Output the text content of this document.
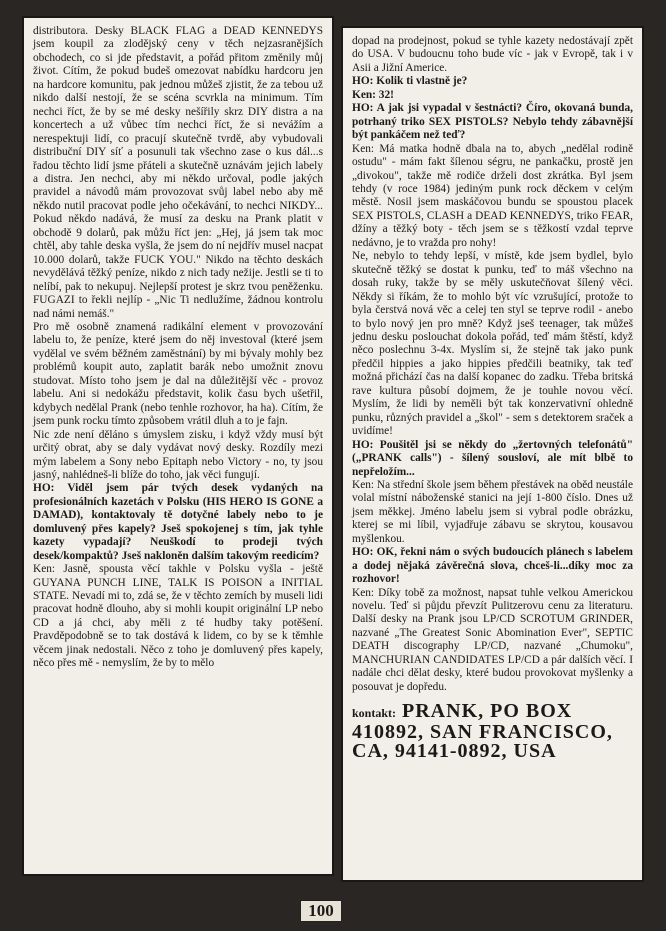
distributora. Desky BLACK FLAG a DEAD KENNEDYS jsem koupil za zlodějský ceny v těch nejzasranějších obchodech, co si jde představit, a pořád přitom změnily můj život. Cítím, že pokud budeš omezovat nabídku hardcoru jen na hardcore komunitu, pak jednou můžeš zjistit, že za tebou už nikdo další nestojí, že se scéna scvrkla na minimum. Tím nechci říct, že by se mé desky nešířily skrz DIY distra a na koncertech a už vůbec tím nechci říct, že si nevážím a nerespektuji lidí, co pracují skutečně tvrdě, aby vybudovali distribuční DIY síť a posunuli tak všechno zase o kus dál...s řadou těchto lidí jsme přáteli a skutečně uznávám jejich labely a distra. Jen nechci, aby mi někdo určoval, podle jakých pravidel a návodů mám provozovat svůj label nebo aby mě někdo nutil pracovat podle jeho očekávání, to nechci NIKDY... Pokud někdo nadává, že musí za desku na Prank platit v obchodě 9 dolarů, pak můžu říct jen: „Hej, já jsem tak moc chtěl, aby tahle deska vyšla, že jsem do ní nejdřív musel nacpat 10.000 dolarů, takže FUCK YOU." Nikdo na těchto deskách nevydělává těžký peníze, nikdo z nich tady nežije. Jestli se ti to nelíbí, pak to nekupuj. Nejlepší protest je skrz tvou peněženku. FUGAZI to řekli nejlíp - „Nic Ti nedlužíme, žádnou kontrolu nad námi nemáš."

Pro mě osobně znamená radikální element v provozování labelu to, že peníze, které jsem do něj investoval (které jsem vydělal ve svém běžném zaměstnání) by mi bývaly mohly bez problémů koupit auto, zaplatit barák nebo umožnit znovu studovat. Místo toho jsem je dal na důležitější věc - provoz labelu. Ani si nedokážu představit, kolik času bych ušetřil, kdybych nedělal Prank (nebo tenhle rozhovor, ha ha). Cítím, že jsem punk rocku tímto způsobem vrátil dluh a to je fajn.

Nic zde není děláno s úmyslem zisku, i když vždy musí být určitý obrat, aby se daly vydávat nový desky. Rozdíly mezi mým labelem a Sony nebo Epitaph nebo Victory - no, ty jsou jasný, nahlédneš-li blíže do toho, jak věci fungují.

HO: Viděl jsem pár tvých desek vydaných na profesionálních kazetách v Polsku (HIS HERO IS GONE a DAMAD), kontaktovaly tě dotyčné labely nebo to je domluvený přes kapely? Jseš spokojenej s tím, jak tyhle kazety vypadají? Neuškodí to prodeji tvých desek/kompaktů? Jseš nakloněn dalším takovým reedicím?

Ken: Jasně, spousta věcí takhle v Polsku vyšla - ještě GUYANA PUNCH LINE, TALK IS POISON a INITIAL STATE. Nevadí mi to, zdá se, že v těchto zemích by museli lidi pracovat hodně dlouho, aby si mohli koupit originální LP nebo CD a já chci, aby měli z té hudby taky potěšení. Pravděpodobně se to tak dostává k lidem, co by se k těmhle věcem jinak nedostali. Něco z toho je domluvený přes kapely, něco přes mě - nemyslím, že by to mělo

dopad na prodejnost, pokud se tyhle kazety nedostávají zpět do USA. V budoucnu toho bude víc - jak v Evropě, tak i v Asii a Jižní Americe.

HO: Kolik ti vlastně je?

Ken: 32!

HO: A jak jsi vypadal v šestnácti? Číro, okovaná bunda, potrhaný triko SEX PISTOLS? Nebylo tehdy zábavnější být pankáčem než teď?

Ken: Má matka hodně dbala na to, abych „nedělal rodině ostudu" - mám fakt šílenou ségru, ne pankačku, prostě jen „divokou", takže mě rodiče drželi dost zkrátka. Byl jsem tehdy (v roce 1984) jediným punk rock děckem v celým městě. Nosil jsem maskáčovou bundu se spoustou placek SEX PISTOLS, CLASH a DEAD KENNEDYS, triko FEAR, džíny a těžký boty - těch jsem se s těžkostí vzdal teprve nedávno, je to vražda pro nohy!

Ne, nebylo to tehdy lepší, v místě, kde jsem bydlel, bylo skutečně těžký se dostat k punku, teď to máš všechno na dosah ruky, takže by se měly uskutečňovat šílený věci. Někdy si říkám, že to mohlo být víc vzrušující, protože to byla čerstvá nová věc a celej ten styl se teprve rodil - anebo to bylo nový jen pro mně? Když jseš teenager, tak můžeš jednu desku poslouchat dokola pořád, teď mám štěstí, když něco poslechnu 3-4x. Myslím si, že stejně tak jako punk předčil hippies a jako hippies předčili beatniky, tak teď možná přichází čas na další kopanec do zadku. Třeba britská rave kultura působí dojmem, že je touhle novou věcí. Myslím, že lidi by neměli být tak konzervativní ohledně punku, různých pravidel a „škol" - sem s detektorem sraček a uvidíme!

HO: Poušitěl jsi se někdy do „žertovných telefonátů" („PRANK calls") - šílený sousloví, ale mít blbě to nepřeložím...

Ken: Na střední škole jsem během přestávek na oběd neustále volal místní náboženské stanici na její 1-800 číslo. Dnes už jsem měkkej. Jméno labelu jsem si vybral podle obrázku, kterej se mi líbil, vyjadřuje zábavu se skrytou, kousavou myšlenkou.

HO: OK, řekni nám o svých budoucích plánech s labelem a dodej nějaká závěrečná slova, chceš-li...díky moc za rozhovor!

Ken: Díky tobě za možnost, napsat tuhle velkou Americkou novelu. Teď si půjdu převzít Pulitzerovu cenu za literaturu. Další desky na Prank jsou LP/CD SCROTUM GRINDER, nazvané „The Greatest Sonic Abomination Ever", SEPTIC DEATH discography LP/CD, nazvané „Chumoku", MANCHURIAN CANDIDATES LP/CD a pár dalších věcí. I nadále chci dělat desky, které budou provokovat myšlenky a posouvat je dopředu.

kontakt: PRANK, PO BOX 410892, SAN FRANCISCO, CA, 94141-0892, USA

100
